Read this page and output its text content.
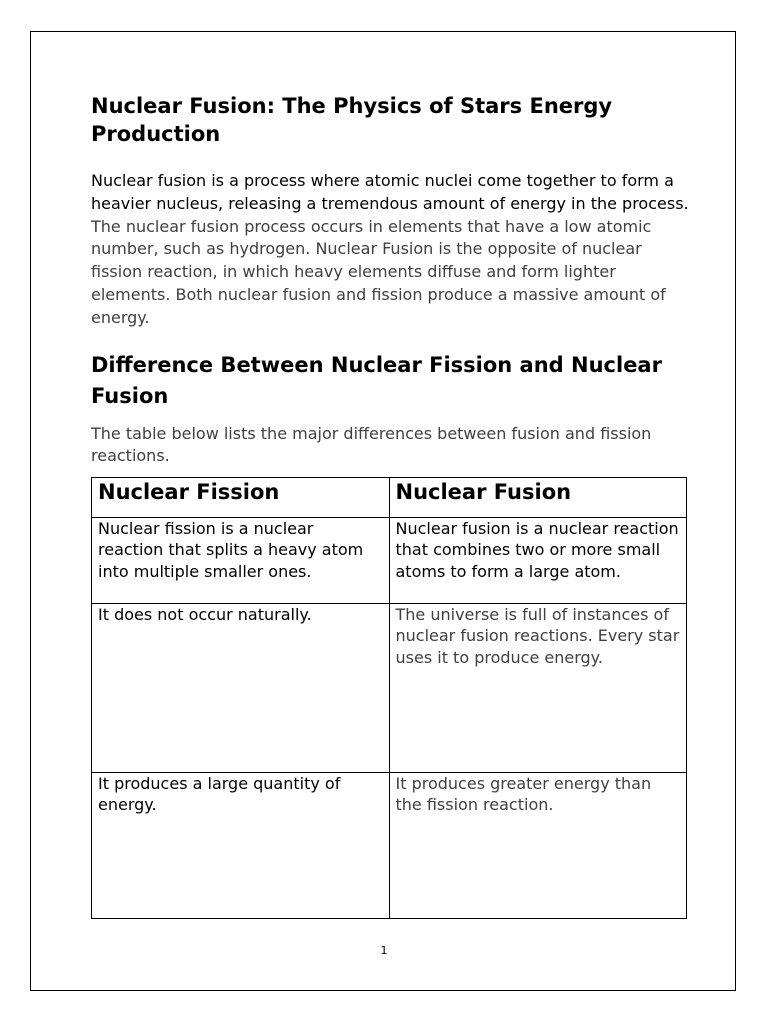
Nuclear Fusion: The Physics of Stars Energy Production

Nuclear fusion is a process where atomic nuclei come together to form a heavier nucleus, releasing a tremendous amount of energy in the process. The nuclear fusion process occurs in elements that have a low atomic number, such as hydrogen. Nuclear Fusion is the opposite of nuclear fission reaction, in which heavy elements diffuse and form lighter elements. Both nuclear fusion and fission produce a massive amount of energy.

Difference Between Nuclear Fission and Nuclear Fusion

The table below lists the major differences between fusion and fission reactions.

Nuclear Fission	Nuclear Fusion
Nuclear fission is a nuclear reaction that splits a heavy atom into multiple smaller ones.	Nuclear fusion is a nuclear reaction that combines two or more small atoms to form a large atom.
It does not occur naturally.	The universe is full of instances of nuclear fusion reactions. Every star uses it to produce energy.
It produces a large quantity of energy.	It produces greater energy than the fission reaction.
1
